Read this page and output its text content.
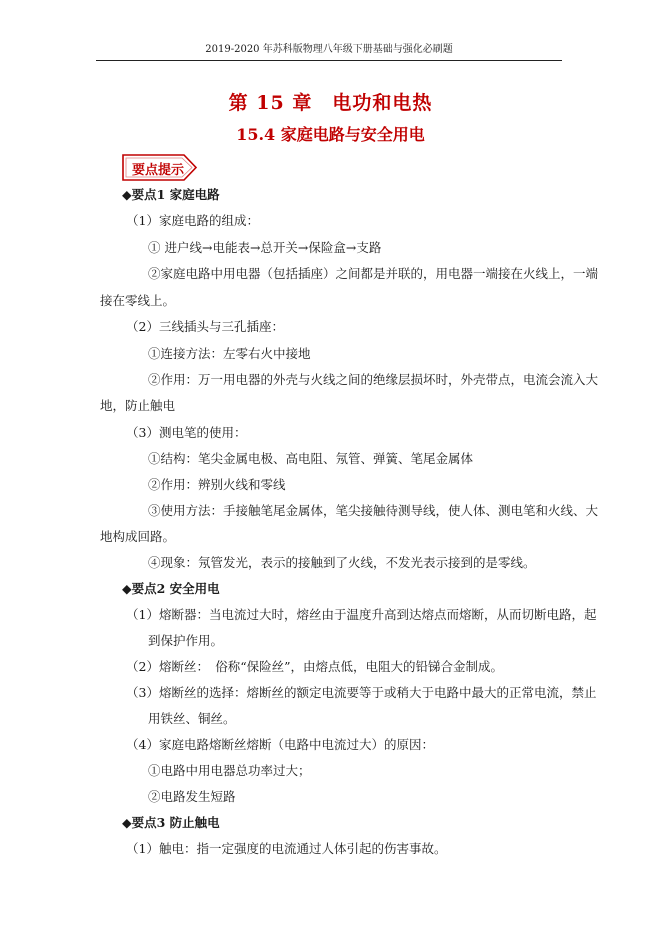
2019-2020 年苏科版物理八年级下册基础与强化必刷题
第 15 章　电功和电热
15.4 家庭电路与安全用电
要点提示
◆要点1 家庭电路
（1）家庭电路的组成：
① 进户线→电能表→总开关→保险盒→支路
②家庭电路中用电器（包括插座）之间都是并联的，用电器一端接在火线上，一端
接在零线上。
（2）三线插头与三孔插座：
①连接方法：左零右火中接地
②作用：万一用电器的外壳与火线之间的绝缘层损坏时，外壳带点，电流会流入大
地，防止触电
（3）测电笔的使用：
①结构：笔尖金属电极、高电阻、氖管、弹簧、笔尾金属体
②作用：辨别火线和零线
③使用方法：手接触笔尾金属体，笔尖接触待测导线，使人体、测电笔和火线、大
地构成回路。
④现象：氖管发光，表示的接触到了火线，不发光表示接到的是零线。
◆要点2 安全用电
（1）熔断器：当电流过大时，熔丝由于温度升高到达熔点而熔断，从而切断电路，起
到保护作用。
（2）熔断丝：　俗称“保险丝”，由熔点低，电阻大的铅锑合金制成。
（3）熔断丝的选择：熔断丝的额定电流要等于或稍大于电路中最大的正常电流，禁止
用铁丝、铜丝。
（4）家庭电路熔断丝熔断（电路中电流过大）的原因：
①电路中用电器总功率过大；
②电路发生短路
◆要点3 防止触电
（1）触电：指一定强度的电流通过人体引起的伤害事故。
